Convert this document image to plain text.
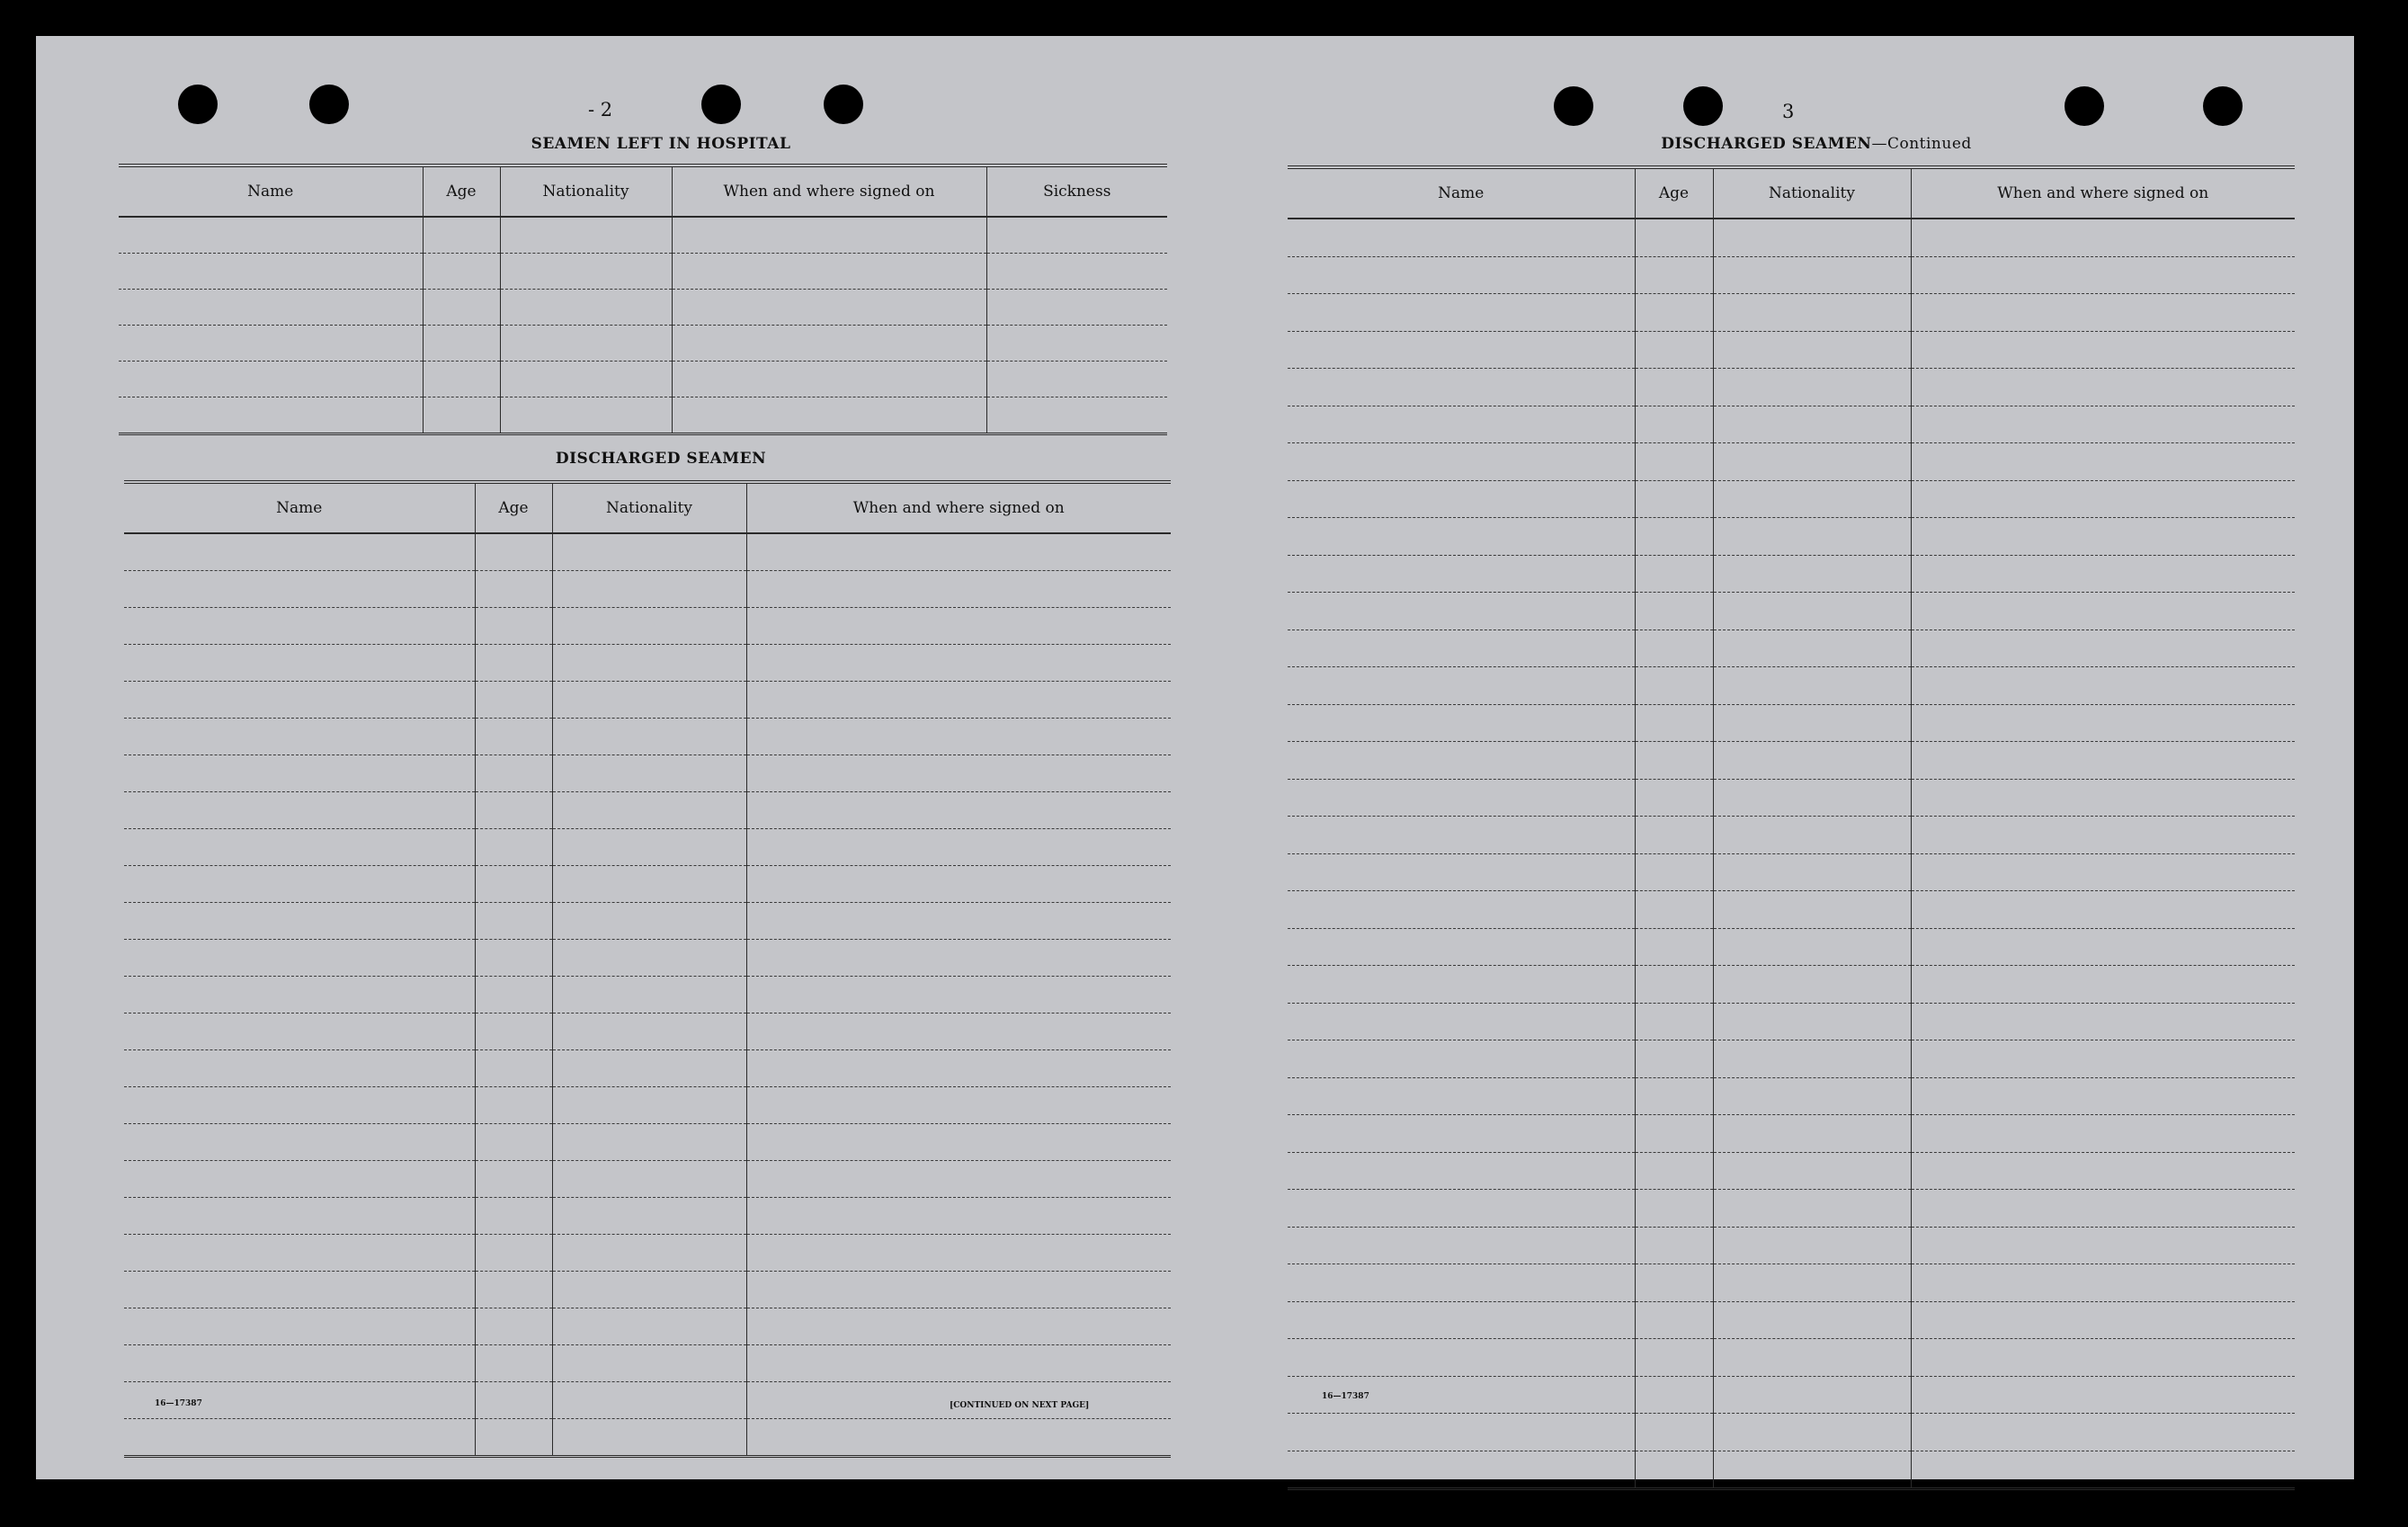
- 2
SEAMEN LEFT IN HOSPITAL
Name	Age	Nationality	When and where signed on	Sickness

DISCHARGED SEAMEN
Name	Age	Nationality	When and where signed on

16—17387	[CONTINUED ON NEXT PAGE]
3
DISCHARGED SEAMEN—Continued
Name	Age	Nationality	When and where signed on

16—17387
